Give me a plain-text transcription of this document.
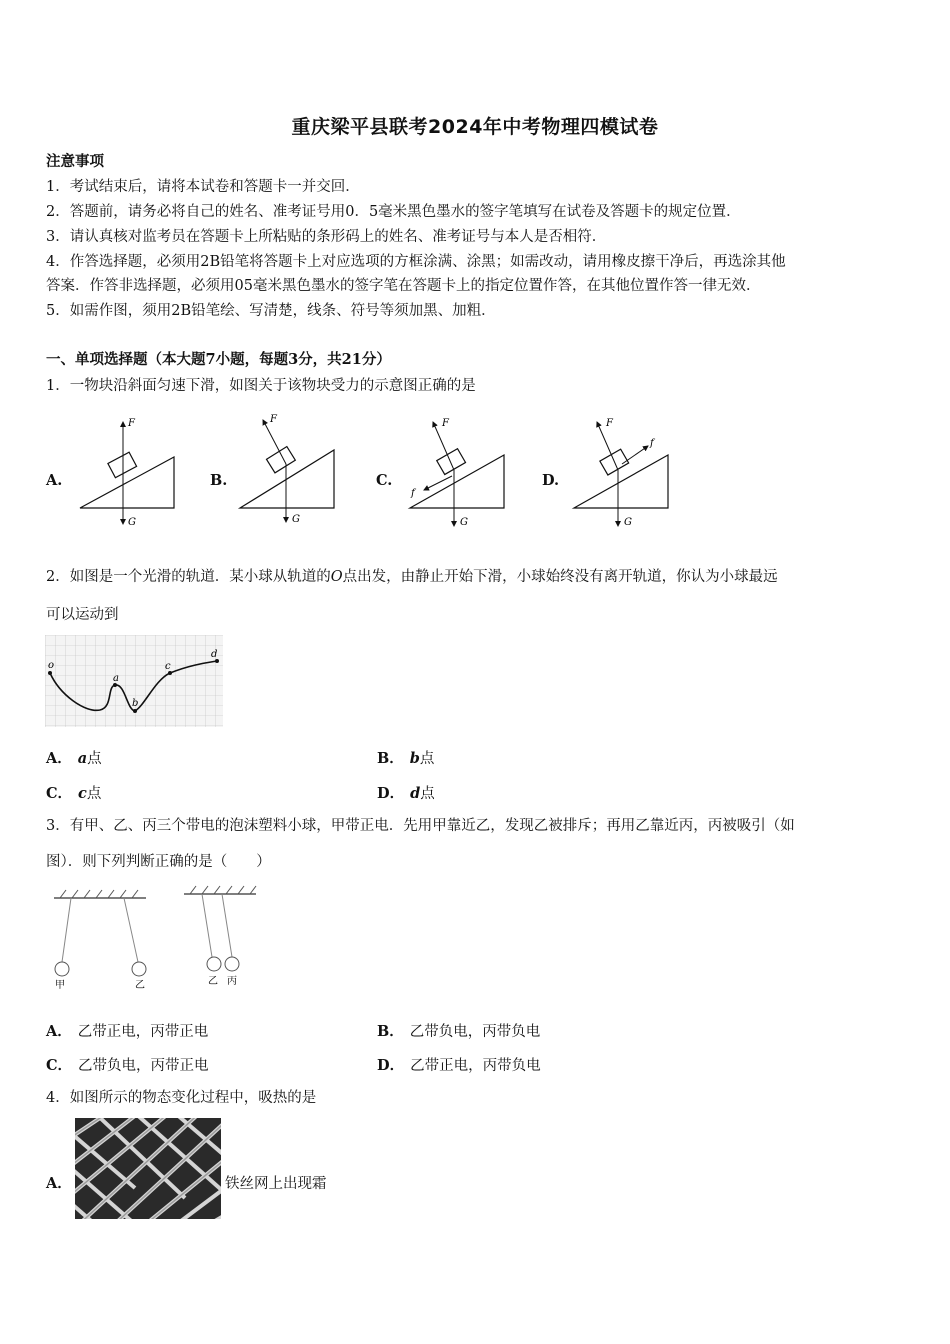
重庆梁平县联考2024年中考物理四模试卷
注意事项
1．考试结束后，请将本试卷和答题卡一并交回．
2．答题前，请务必将自己的姓名、准考证号用0．5毫米黑色墨水的签字笔填写在试卷及答题卡的规定位置．
3．请认真核对监考员在答题卡上所粘贴的条形码上的姓名、准考证号与本人是否相符．
4．作答选择题，必须用2B铅笔将答题卡上对应选项的方框涂满、涂黑；如需改动，请用橡皮擦干净后，再选涂其他
答案．作答非选择题，必须用05毫米黑色墨水的签字笔在答题卡上的指定位置作答，在其他位置作答一律无效．
5．如需作图，须用2B铅笔绘、写清楚，线条、符号等须加黑、加粗．
一、单项选择题（本大题7小题，每题3分，共21分）
1．一物块沿斜面匀速下滑，如图关于该物块受力的示意图正确的是
A.	B.	C.	D.
F
G
F
G
F
G
f
F
G
f
2．如图是一个光滑的轨道．某小球从轨道的O点出发，由静止开始下滑，小球始终没有离开轨道，你认为小球最远
可以运动到
o
a
b
c
d
A． a点	B． b点
C． c点	D． d点
3．有甲、乙、丙三个带电的泡沫塑料小球，甲带正电．先用甲靠近乙，发现乙被排斥；再用乙靠近丙，丙被吸引（如
图）．则下列判断正确的是（　　）
甲	乙	乙 丙
A． 乙带正电，丙带正电	B． 乙带负电，丙带负电
C． 乙带负电，丙带正电	D． 乙带正电，丙带负电
4．如图所示的物态变化过程中，吸热的是
A．	铁丝网上出现霜
